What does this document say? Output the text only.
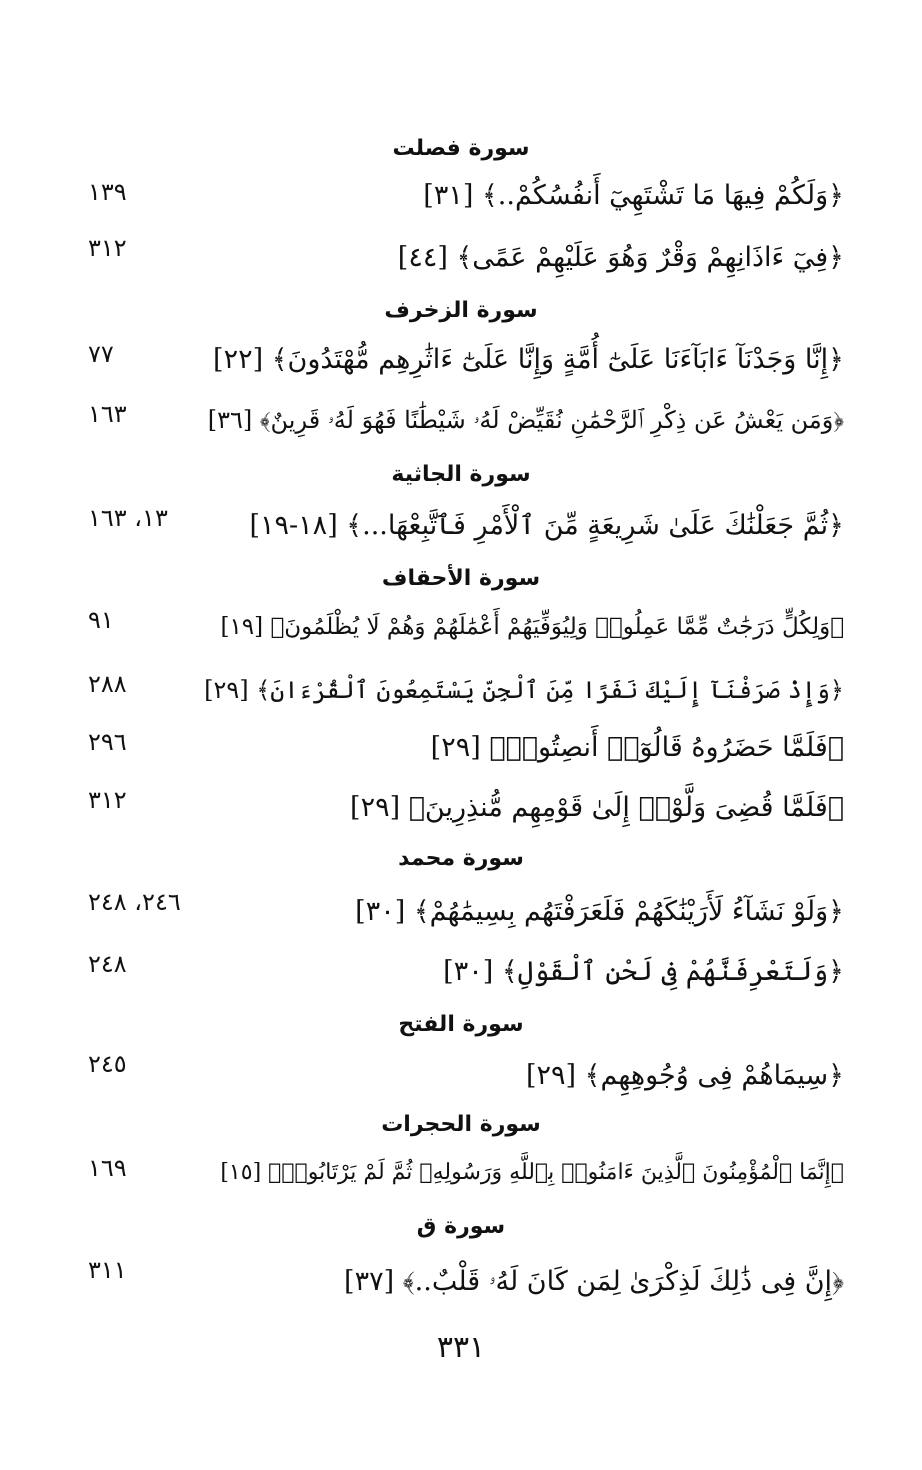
سورة فصلت
﴿وَلَكُمْ فِيهَا مَا تَشْتَهِيٓ أَنفُسُكُمْ..﴾ [٣١]
١٣٩
﴿فِيٓ ءَاذَانِهِمْ وَقْرٌ وَهُوَ عَلَيْهِمْ عَمًى﴾ [٤٤]
٣١٢
سورة الزخرف
﴿إِنَّا وَجَدْنَآ ءَابَآءَنَا عَلَىٰٓ أُمَّةٍ وَإِنَّا عَلَىٰٓ ءَاثَٰرِهِم مُّهْتَدُونَ﴾ [٢٢]
٧٧
﴿وَمَن يَعْشُ عَن ذِكْرِ ٱلرَّحْمَٰنِ نُقَيِّضْ لَهُۥ شَيْطَٰنًا فَهُوَ لَهُۥ قَرِينٌ﴾ [٣٦]
١٦٣
سورة الجاثية
﴿ثُمَّ جَعَلْنَٰكَ عَلَىٰ شَرِيعَةٍ مِّنَ ٱلْأَمْرِ فَٱتَّبِعْهَا...﴾ [١٨-١٩]
١٣، ١٦٣
سورة الأحقاف
﴿وَلِكُلٍّ دَرَجَٰتٌ مِّمَّا عَمِلُوا۟ وَلِيُوَفِّيَهُمْ أَعْمَٰلَهُمْ وَهُمْ لَا يُظْلَمُونَ﴾ [١٩]
٩١
﴿وَإِذْ صَرَفْنَآ إِلَيْكَ نَفَرًا مِّنَ ٱلْجِنِّ يَسْتَمِعُونَ ٱلْقُرْءَانَ﴾ [٢٩]
٢٨٨
﴿فَلَمَّا حَضَرُوهُ قَالُوٓا۟ أَنصِتُوا۟﴾ [٢٩]
٢٩٦
﴿فَلَمَّا قُضِىَ وَلَّوْا۟ إِلَىٰ قَوْمِهِم مُّنذِرِينَ﴾ [٢٩]
٣١٢
سورة محمد
﴿وَلَوْ نَشَآءُ لَأَرَيْنَٰكَهُمْ فَلَعَرَفْتَهُم بِسِيمَٰهُمْ﴾ [٣٠]
٢٤٦، ٢٤٨
﴿وَلَتَعْرِفَنَّهُمْ فِى لَحْنِ ٱلْقَوْلِ﴾ [٣٠]
٢٤٨
سورة الفتح
﴿سِيمَاهُمْ فِى وُجُوهِهِم﴾ [٢٩]
٢٤٥
سورة الحجرات
﴿إِنَّمَا ٱلْمُؤْمِنُونَ ٱلَّذِينَ ءَامَنُوا۟ بِٱللَّهِ وَرَسُولِهِۦ ثُمَّ لَمْ يَرْتَابُوا۟﴾ [١٥]
١٦٩
سورة ق
﴿إِنَّ فِى ذَٰلِكَ لَذِكْرَىٰ لِمَن كَانَ لَهُۥ قَلْبٌ..﴾ [٣٧]
٣١١
٣٣١
